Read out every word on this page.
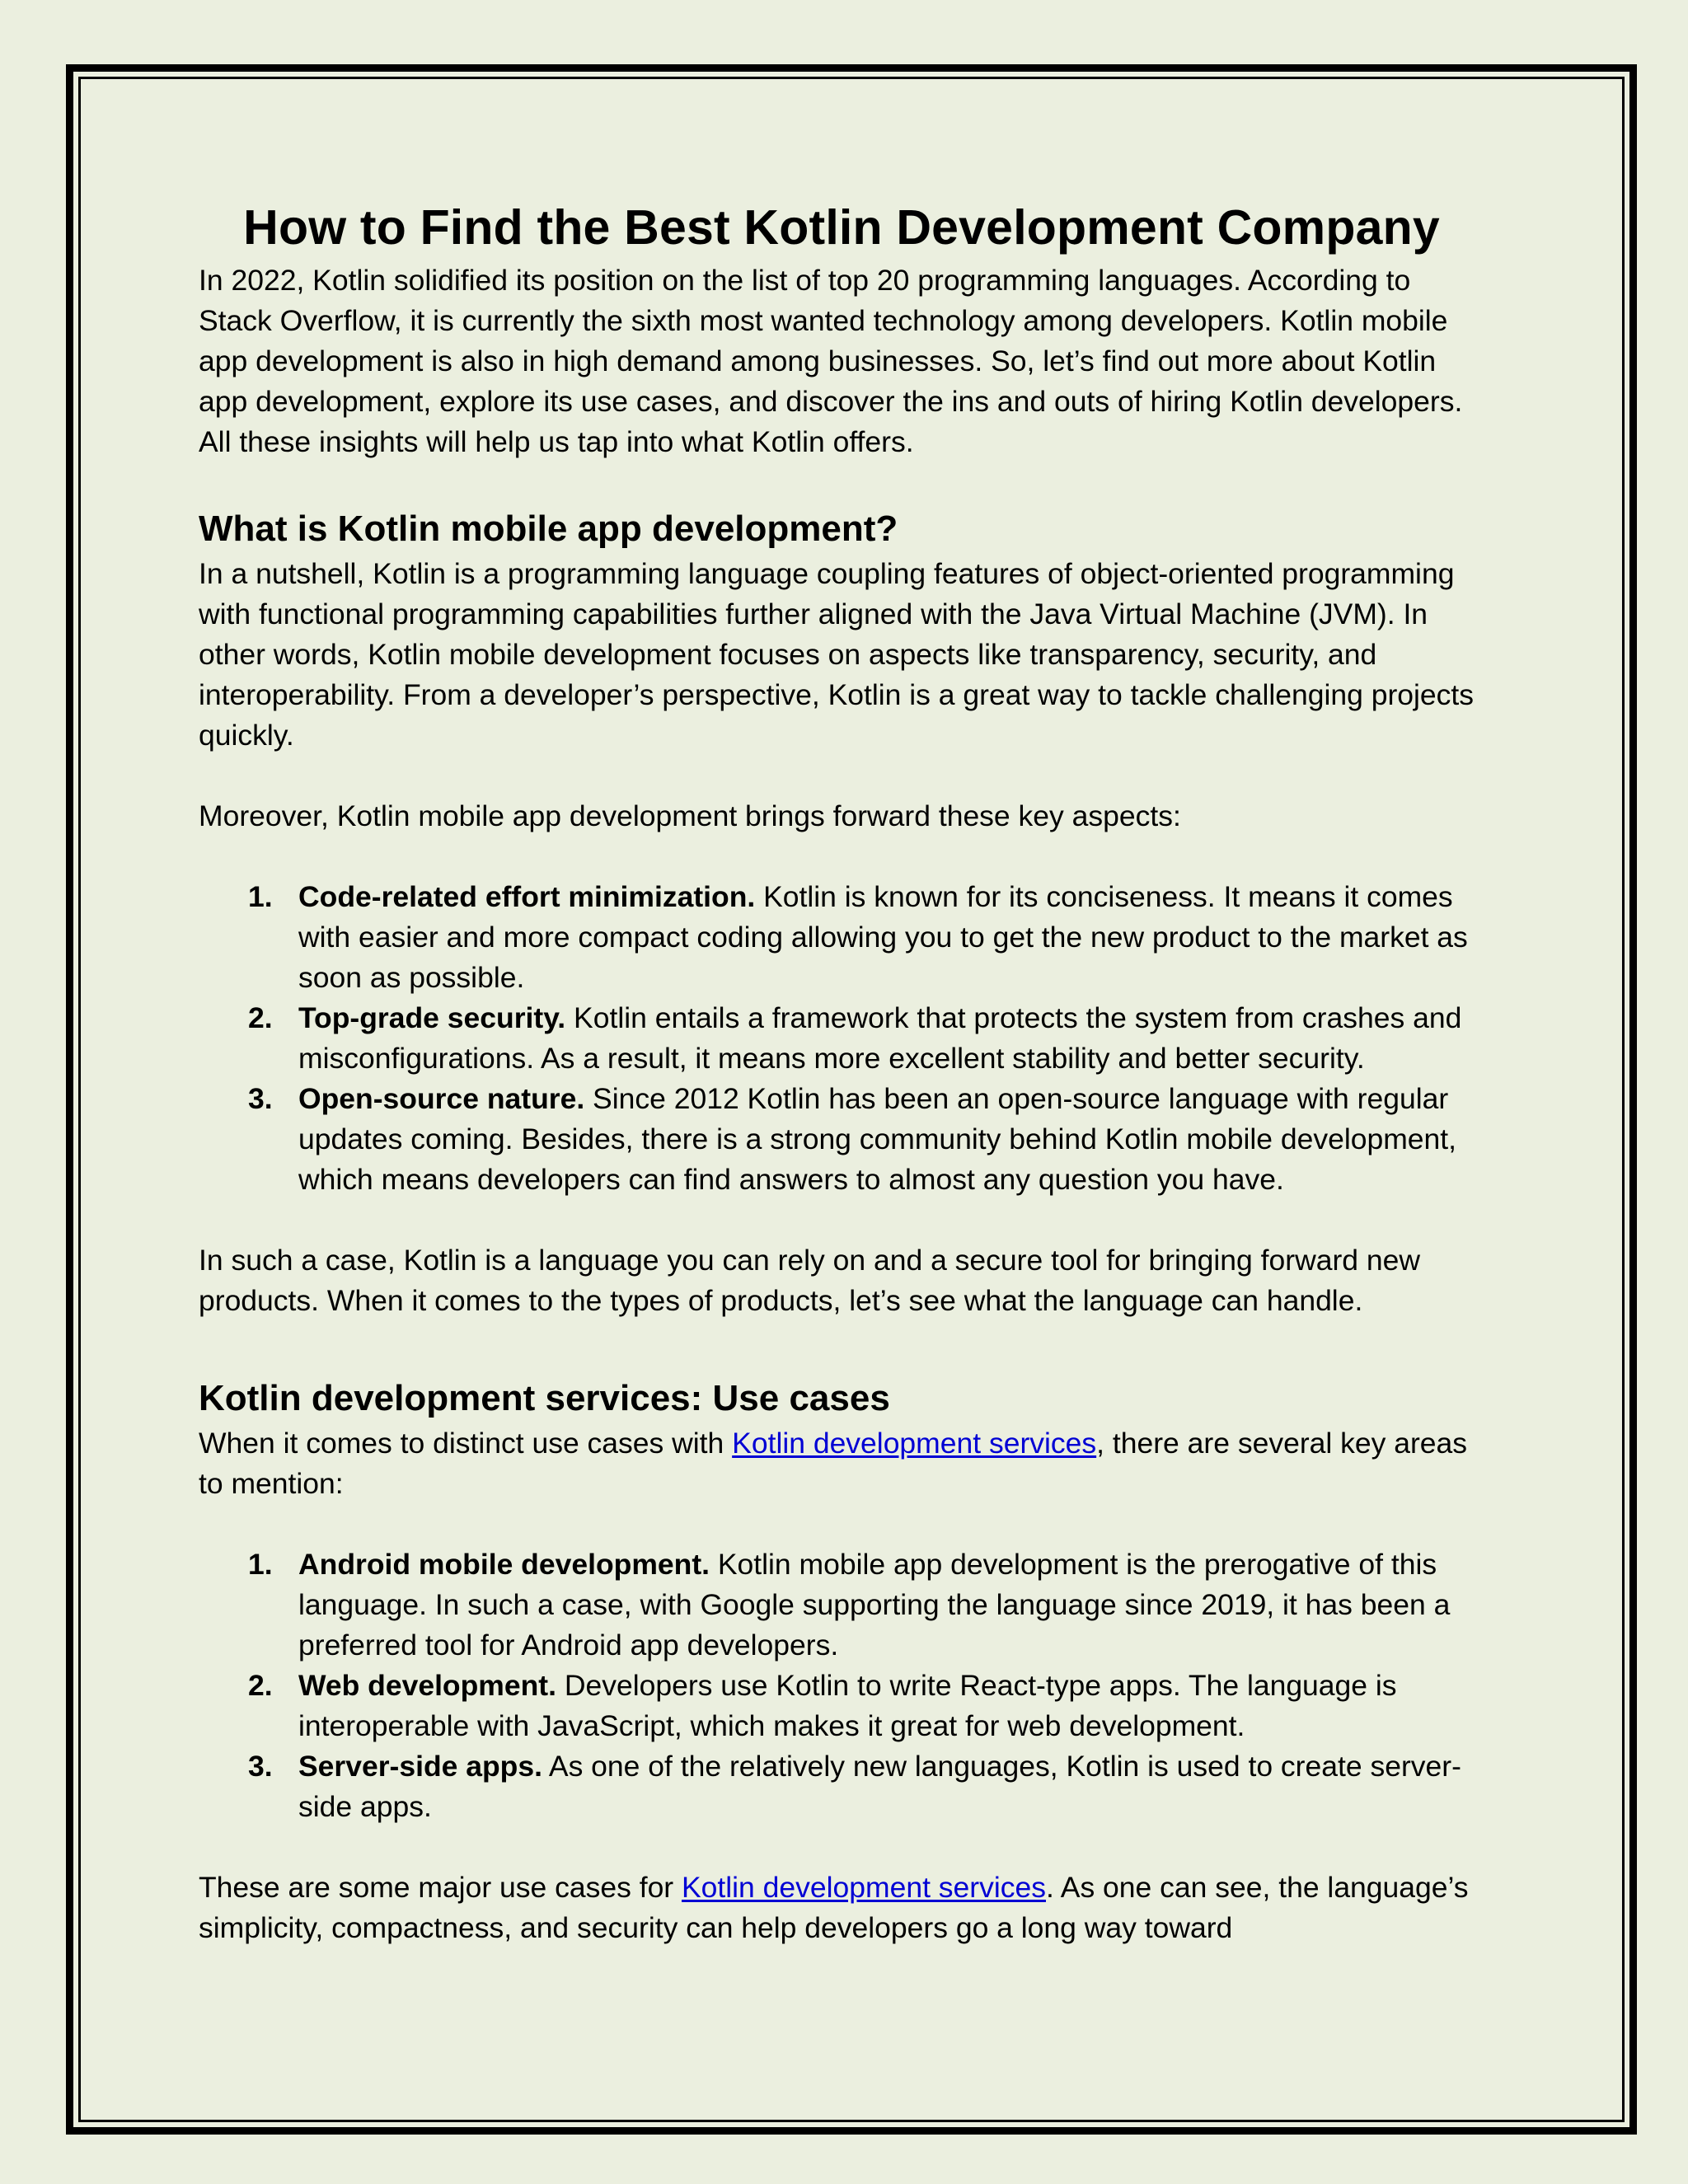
How to Find the Best Kotlin Development Company

In 2022, Kotlin solidified its position on the list of top 20 programming languages. According to Stack Overflow, it is currently the sixth most wanted technology among developers. Kotlin mobile app development is also in high demand among businesses. So, let’s find out more about Kotlin app development, explore its use cases, and discover the ins and outs of hiring Kotlin developers. All these insights will help us tap into what Kotlin offers.

What is Kotlin mobile app development?

In a nutshell, Kotlin is a programming language coupling features of object-oriented programming with functional programming capabilities further aligned with the Java Virtual Machine (JVM). In other words, Kotlin mobile development focuses on aspects like transparency, security, and interoperability. From a developer’s perspective, Kotlin is a great way to tackle challenging projects quickly.

Moreover, Kotlin mobile app development brings forward these key aspects:

1. Code-related effort minimization. Kotlin is known for its conciseness. It means it comes with easier and more compact coding allowing you to get the new product to the market as soon as possible.
2. Top-grade security. Kotlin entails a framework that protects the system from crashes and misconfigurations. As a result, it means more excellent stability and better security.
3. Open-source nature. Since 2012 Kotlin has been an open-source language with regular updates coming. Besides, there is a strong community behind Kotlin mobile development, which means developers can find answers to almost any question you have.

In such a case, Kotlin is a language you can rely on and a secure tool for bringing forward new products. When it comes to the types of products, let’s see what the language can handle.

Kotlin development services: Use cases

When it comes to distinct use cases with Kotlin development services, there are several key areas to mention:

1. Android mobile development. Kotlin mobile app development is the prerogative of this language. In such a case, with Google supporting the language since 2019, it has been a preferred tool for Android app developers.
2. Web development. Developers use Kotlin to write React-type apps. The language is interoperable with JavaScript, which makes it great for web development.
3. Server-side apps. As one of the relatively new languages, Kotlin is used to create server-side apps.

These are some major use cases for Kotlin development services. As one can see, the language’s simplicity, compactness, and security can help developers go a long way toward
